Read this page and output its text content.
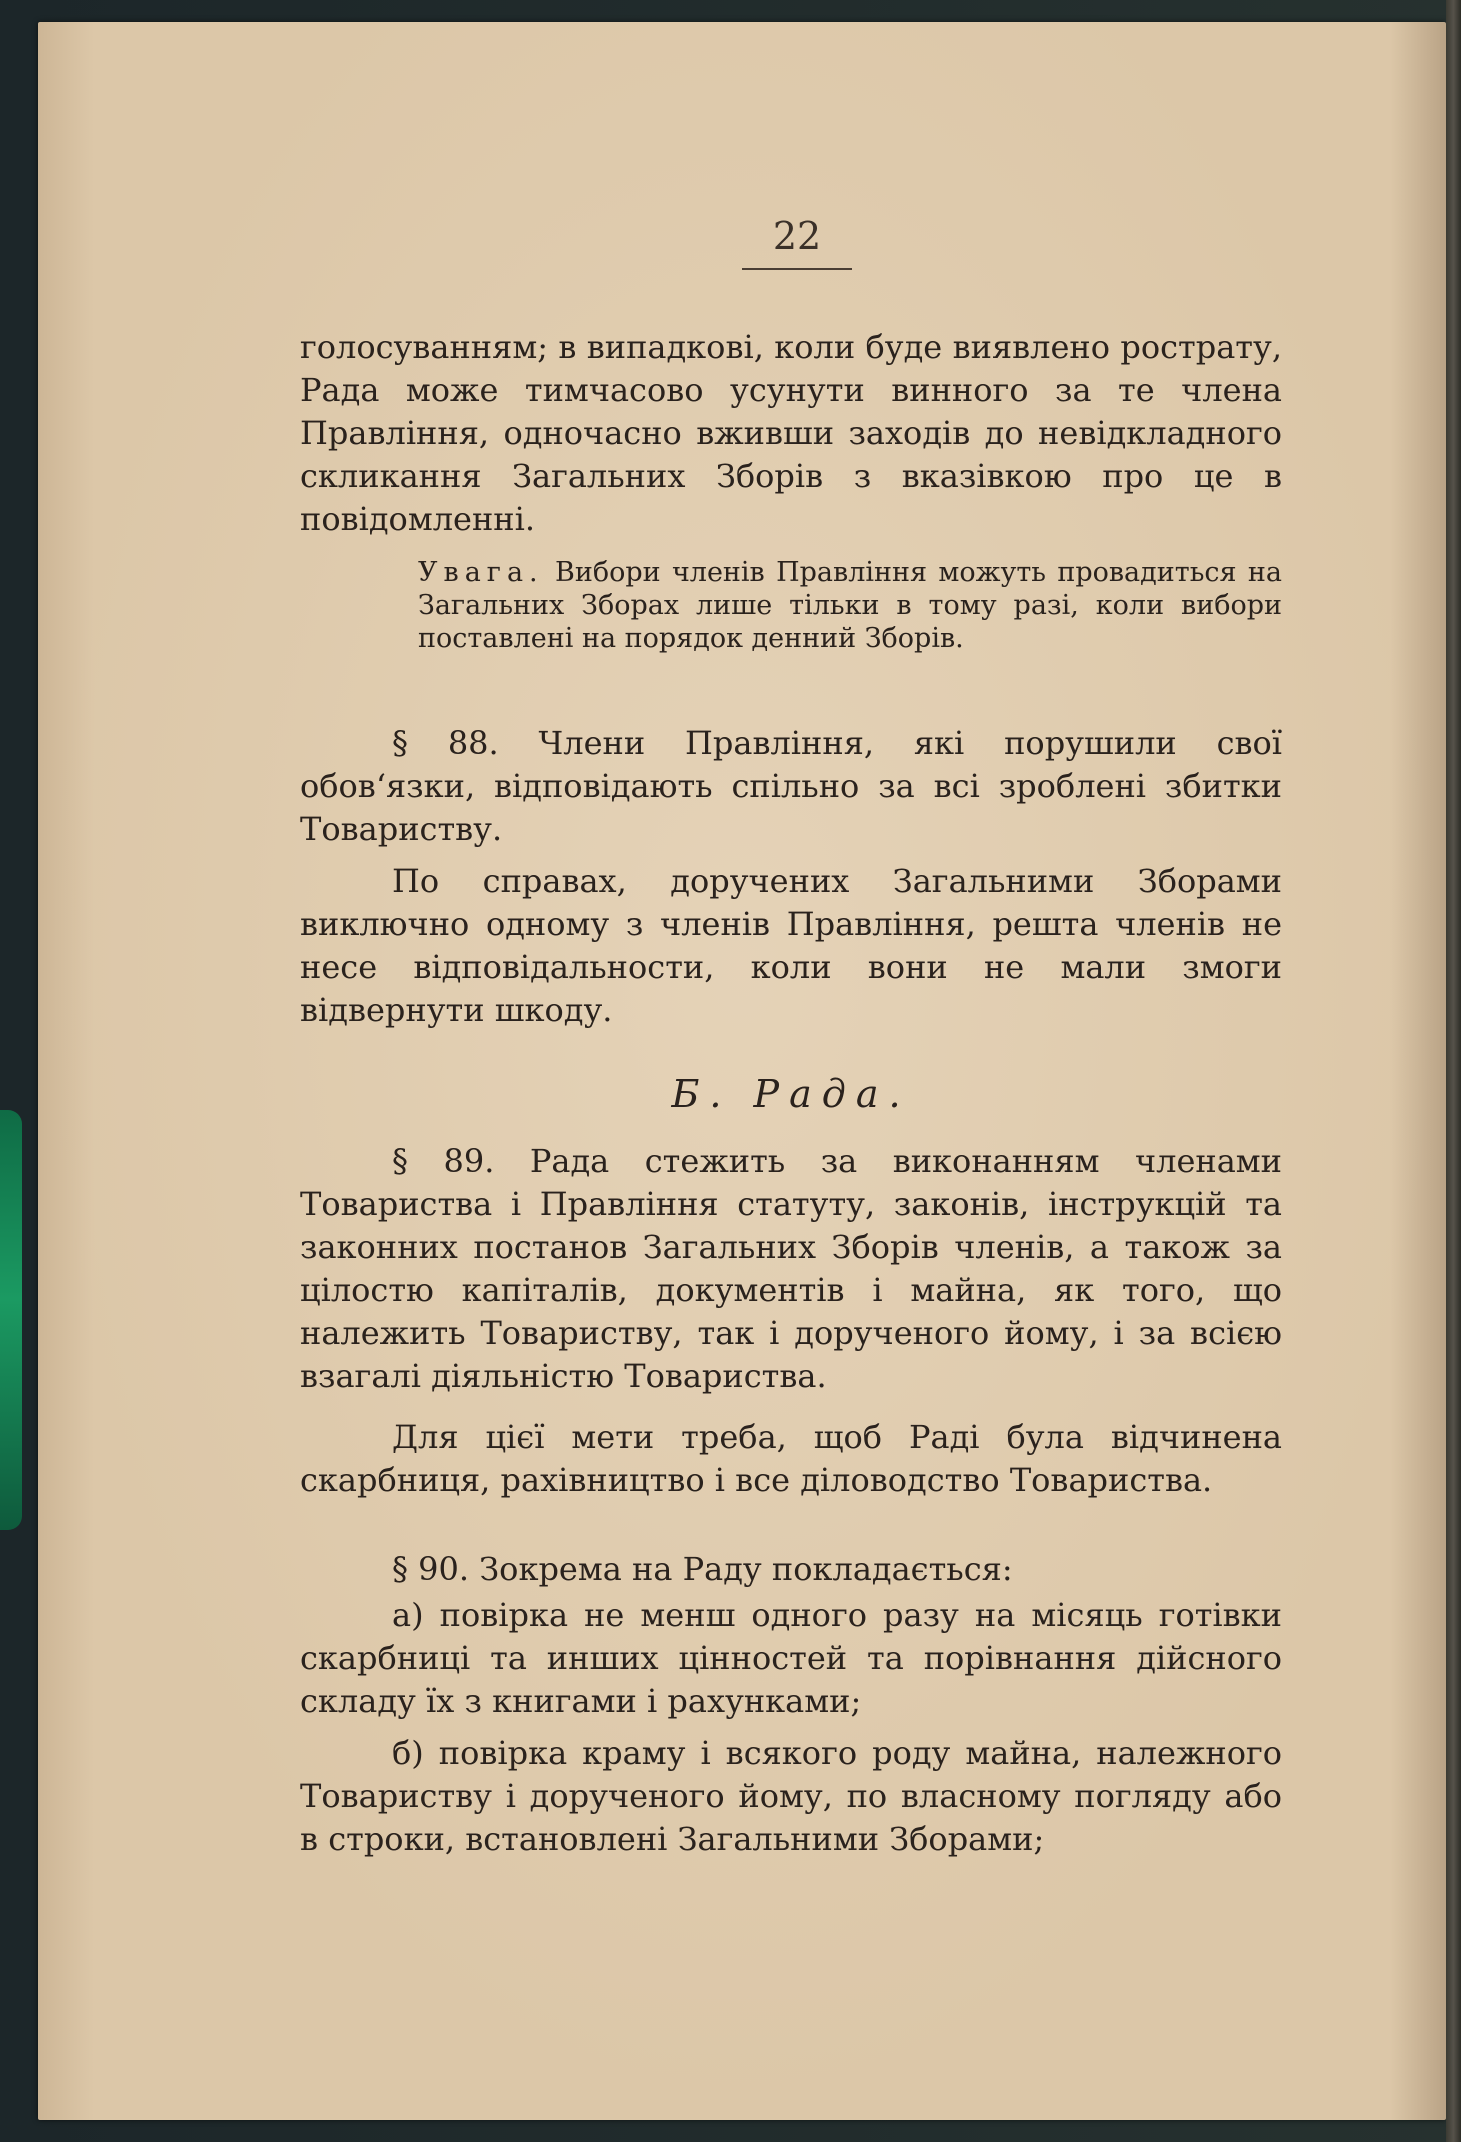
22
голосуванням; в випадкові, коли буде виявлено рострату, Рада може тимчасово усунути винного за те члена Правління, одночасно вживши заходів до невідкладного скликання Загальних Зборів з вказівкою про це в повідомленні.
Увага. Вибори членів Правління можуть провадиться на Загальних Зборах лише тільки в тому разі, коли вибори поставлені на порядок денний Зборів.
§ 88. Члени Правління, які порушили свої обов‘язки, відповідають спільно за всі зроблені збитки Товариству.
По справах, доручених Загальними Зборами виключно одному з членів Правління, решта членів не несе відповідальности, коли вони не мали змоги відвернути шкоду.
Б. Рада.
§ 89. Рада стежить за виконанням членами Товариства і Правління статуту, законів, інструкцій та законних постанов Загальних Зборів членів, а також за цілостю капіталів, документів і майна, як того, що належить Товариству, так і дорученого йому, і за всією взагалі діяльністю Товариства.
Для цієї мети треба, щоб Раді була відчинена скарбниця, рахівництво і все діловодство Товариства.
§ 90. Зокрема на Раду покладається:
а) повірка не менш одного разу на місяць готівки скарбниці та инших цінностей та порівнання дійсного складу їх з книгами і рахунками;
б) повірка краму і всякого роду майна, належного Товариству і дорученого йому, по власному погляду або в строки, встановлені Загальними Зборами;
